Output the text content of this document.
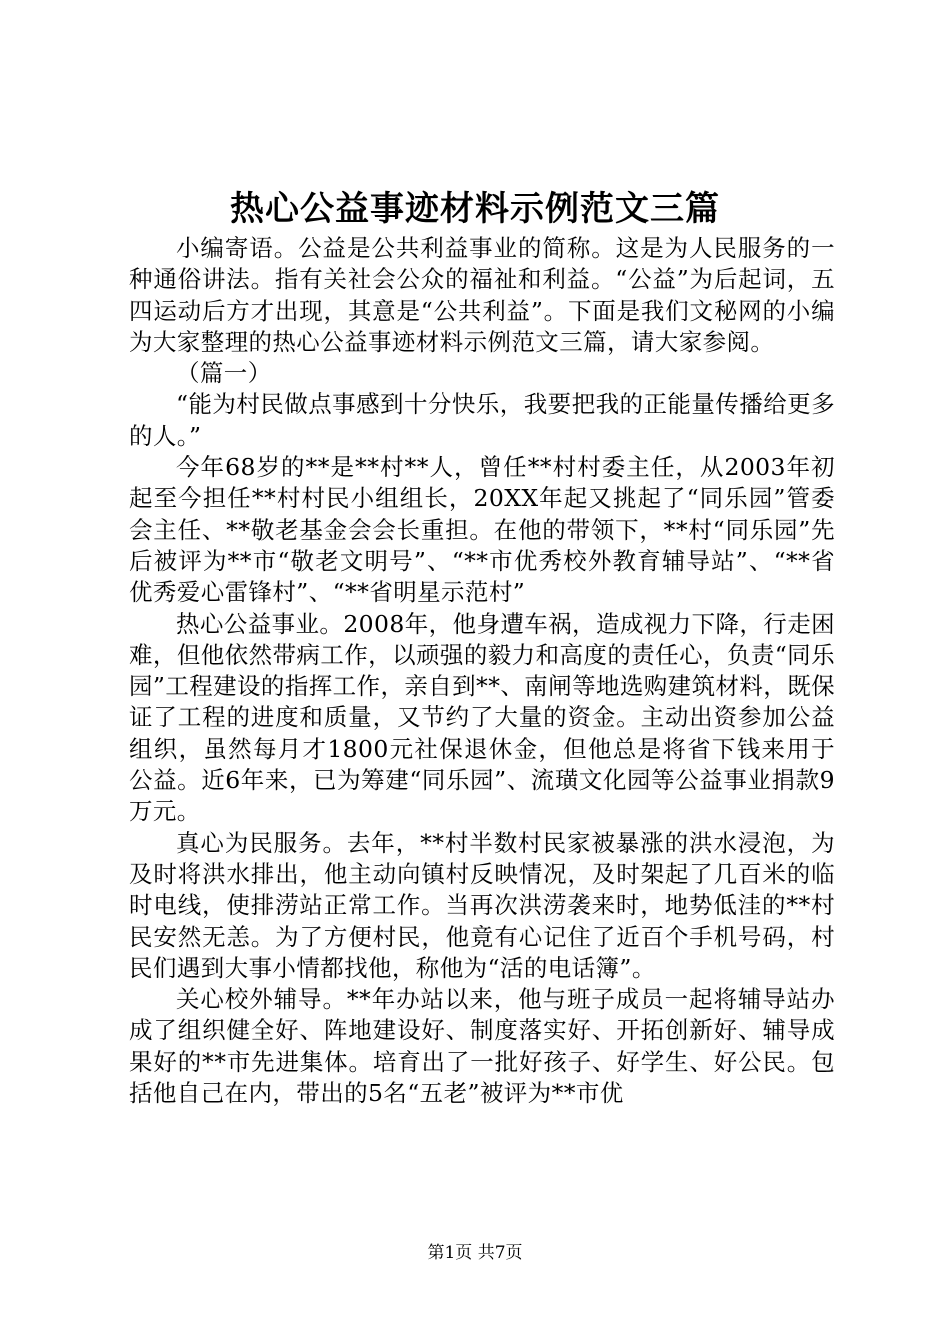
热心公益事迹材料示例范文三篇

小编寄语。公益是公共利益事业的简称。这是为人民服务的一种通俗讲法。指有关社会公众的福祉和利益。“公益”为后起词，五四运动后方才出现，其意是“公共利益”。下面是我们文秘网的小编为大家整理的热心公益事迹材料示例范文三篇，请大家参阅。

（篇一）

“能为村民做点事感到十分快乐，我要把我的正能量传播给更多的人。”

今年68岁的**是**村**人，曾任**村村委主任，从2003年初起至今担任**村村民小组组长，20XX年起又挑起了“同乐园”管委会主任、**敬老基金会会长重担。在他的带领下，**村“同乐园”先后被评为**市“敬老文明号”、“**市优秀校外教育辅导站”、“**省优秀爱心雷锋村”、“**省明星示范村”

热心公益事业。2008年，他身遭车祸，造成视力下降，行走困难，但他依然带病工作，以顽强的毅力和高度的责任心，负责“同乐园”工程建设的指挥工作，亲自到**、南闸等地选购建筑材料，既保证了工程的进度和质量，又节约了大量的资金。主动出资参加公益组织，虽然每月才1800元社保退休金，但他总是将省下钱来用于公益。近6年来，已为筹建“同乐园”、流璜文化园等公益事业捐款9万元。

真心为民服务。去年，**村半数村民家被暴涨的洪水浸泡，为及时将洪水排出，他主动向镇村反映情况，及时架起了几百米的临时电线，使排涝站正常工作。当再次洪涝袭来时，地势低洼的**村民安然无恙。为了方便村民，他竟有心记住了近百个手机号码，村民们遇到大事小情都找他，称他为“活的电话簿”。

关心校外辅导。**年办站以来，他与班子成员一起将辅导站办成了组织健全好、阵地建设好、制度落实好、开拓创新好、辅导成果好的**市先进集体。培育出了一批好孩子、好学生、好公民。包括他自己在内，带出的5名“五老”被评为**市优

第1页 共7页
